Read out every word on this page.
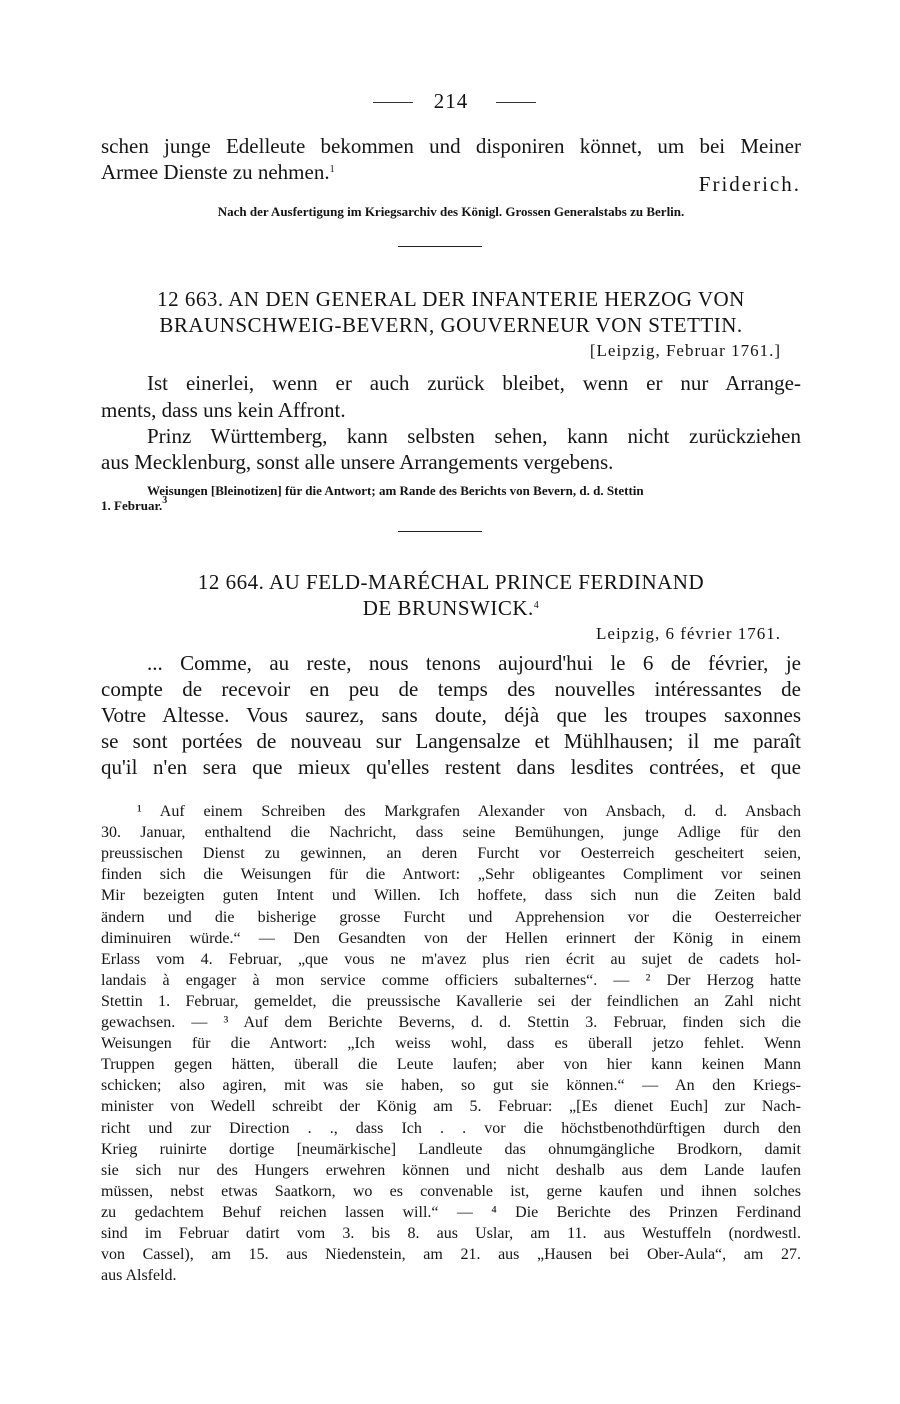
214
schen junge Edelleute bekommen und disponiren könnet, um bei Meiner
Armee Dienste zu nehmen.$^1$
Friderich.
Nach der Ausfertigung im Kriegsarchiv des Königl. Grossen Generalstabs zu Berlin.
12 663. AN DEN GENERAL DER INFANTERIE HERZOG VON
BRAUNSCHWEIG-BEVERN, GOUVERNEUR VON STETTIN.
[Leipzig, Februar 1761.]
Ist einerlei, wenn er auch zurück bleibet, wenn er nur Arrange-
ments, dass uns kein Affront.
Prinz Württemberg, kann selbsten sehen, kann nicht zurückziehen
aus Mecklenburg, sonst alle unsere Arrangements vergebens.
Weisungen [Bleinotizen] für die Antwort; am Rande des Berichts von Bevern, d. d. Stettin
1. Februar.$^3$
12 664. AU FELD-MARÉCHAL PRINCE FERDINAND
DE BRUNSWICK.$^4$
Leipzig, 6 février 1761.
... Comme, au reste, nous tenons aujourd'hui le 6 de février, je
compte de recevoir en peu de temps des nouvelles intéressantes de
Votre Altesse. Vous saurez, sans doute, déjà que les troupes saxonnes
se sont portées de nouveau sur Langensalze et Mühlhausen; il me paraît
qu'il n'en sera que mieux qu'elles restent dans lesdites contrées, et que
¹ Auf einem Schreiben des Markgrafen Alexander von Ansbach, d. d. Ansbach
30. Januar, enthaltend die Nachricht, dass seine Bemühungen, junge Adlige für den
preussischen Dienst zu gewinnen, an deren Furcht vor Oesterreich gescheitert seien,
finden sich die Weisungen für die Antwort: „Sehr obligeantes Compliment vor seinen
Mir bezeigten guten Intent und Willen. Ich hoffete, dass sich nun die Zeiten bald
ändern und die bisherige grosse Furcht und Apprehension vor die Oesterreicher
diminuiren würde.“ — Den Gesandten von der Hellen erinnert der König in einem
Erlass vom 4. Februar, „que vous ne m'avez plus rien écrit au sujet de cadets hol-
landais à engager à mon service comme officiers subalternes“. — ² Der Herzog hatte
Stettin 1. Februar, gemeldet, die preussische Kavallerie sei der feindlichen an Zahl nicht
gewachsen. — ³ Auf dem Berichte Beverns, d. d. Stettin 3. Februar, finden sich die
Weisungen für die Antwort: „Ich weiss wohl, dass es überall jetzo fehlet. Wenn
Truppen gegen hätten, überall die Leute laufen; aber von hier kann keinen Mann
schicken; also agiren, mit was sie haben, so gut sie können.“ — An den Kriegs-
minister von Wedell schreibt der König am 5. Februar: „[Es dienet Euch] zur Nach-
richt und zur Direction . ., dass Ich . . vor die höchstbenothdürftigen durch den
Krieg ruinirte dortige [neumärkische] Landleute das ohnumgängliche Brodkorn, damit
sie sich nur des Hungers erwehren können und nicht deshalb aus dem Lande laufen
müssen, nebst etwas Saatkorn, wo es convenable ist, gerne kaufen und ihnen solches
zu gedachtem Behuf reichen lassen will.“ — ⁴ Die Berichte des Prinzen Ferdinand
sind im Februar datirt vom 3. bis 8. aus Uslar, am 11. aus Westuffeln (nordwestl.
von Cassel), am 15. aus Niedenstein, am 21. aus „Hausen bei Ober-Aula“, am 27.
aus Alsfeld.
